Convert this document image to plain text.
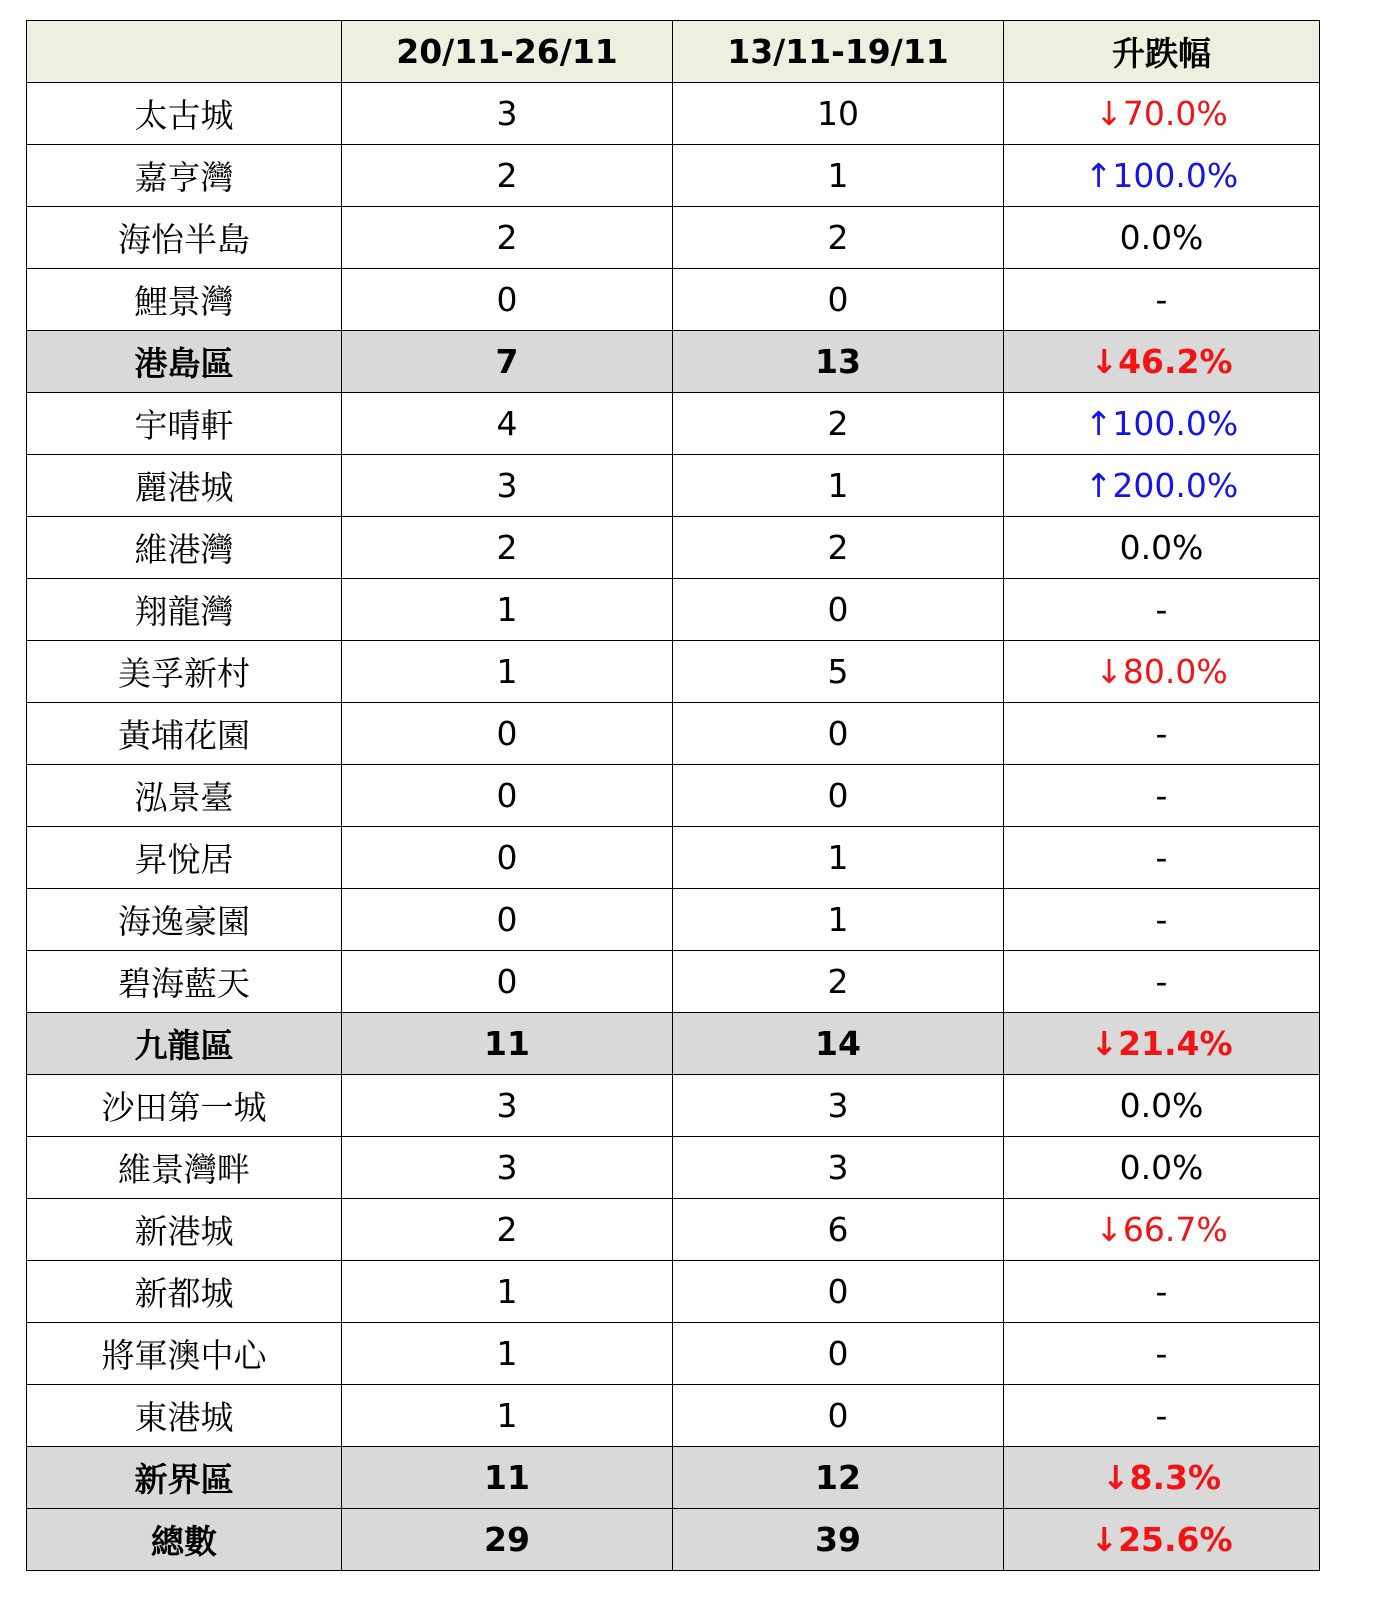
	20/11-26/11	13/11-19/11	升跌幅
太古城	3	10	↓70.0%
嘉亨灣	2	1	↑100.0%
海怡半島	2	2	0.0%
鯉景灣	0	0	-
港島區	7	13	↓46.2%
宇晴軒	4	2	↑100.0%
麗港城	3	1	↑200.0%
維港灣	2	2	0.0%
翔龍灣	1	0	-
美孚新村	1	5	↓80.0%
黃埔花園	0	0	-
泓景臺	0	0	-
昇悅居	0	1	-
海逸豪園	0	1	-
碧海藍天	0	2	-
九龍區	11	14	↓21.4%
沙田第一城	3	3	0.0%
維景灣畔	3	3	0.0%
新港城	2	6	↓66.7%
新都城	1	0	-
將軍澳中心	1	0	-
東港城	1	0	-
新界區	11	12	↓8.3%
總數	29	39	↓25.6%
